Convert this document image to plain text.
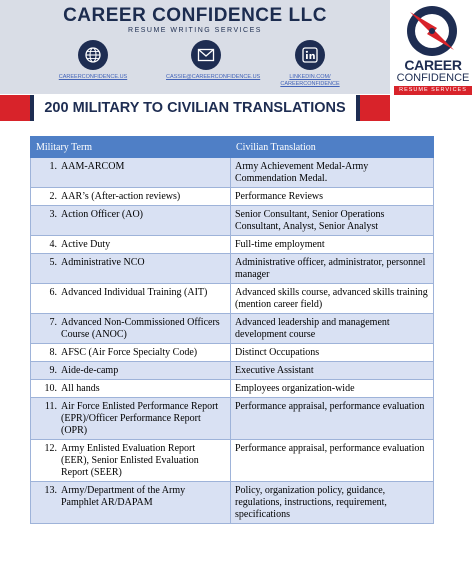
CAREER CONFIDENCE LLC
RESUME WRITING SERVICES
CAREERCONFIDENCE.US	CASSIE@CAREERCONFIDENCE.US	LINKEDIN.COM/
CAREERCONFIDENCE
CAREER
CONFIDENCE
RESUME SERVICES
200 MILITARY TO CIVILIAN TRANSLATIONS
Military Term	Civilian Translation
1. AAM-ARCOM	Army Achievement Medal-Army Commendation Medal.
2. AAR’s (After-action reviews)	Performance Reviews
3. Action Officer (AO)	Senior Consultant, Senior Operations Consultant, Analyst, Senior Analyst
4. Active Duty	Full-time employment
5. Administrative NCO	Administrative officer, administrator, personnel manager
6. Advanced Individual Training (AIT)	Advanced skills course, advanced skills training (mention career field)
7. Advanced Non-Commissioned Officers Course (ANOC)	Advanced leadership and management development course
8. AFSC (Air Force Specialty Code)	Distinct Occupations
9. Aide-de-camp	Executive Assistant
10. All hands	Employees organization-wide
11. Air Force Enlisted Performance Report (EPR)/Officer Performance Report (OPR)	Performance appraisal, performance evaluation
12. Army Enlisted Evaluation Report (EER), Senior Enlisted Evaluation Report (SEER)	Performance appraisal, performance evaluation
13. Army/Department of the Army Pamphlet AR/DAPAM	Policy, organization policy, guidance, regulations, instructions, requirement, specifications
